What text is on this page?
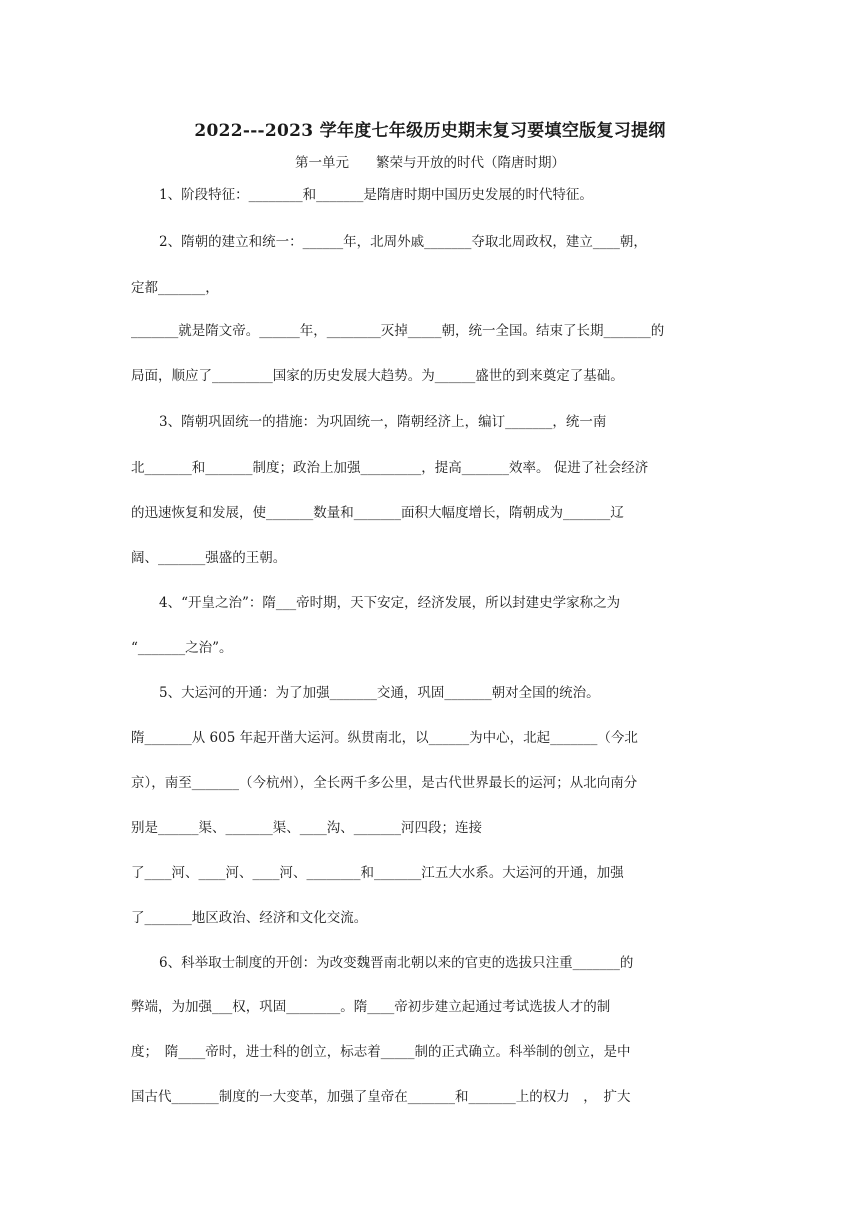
2022---2023 学年度七年级历史期末复习要填空版复习提纲
第一单元　　繁荣与开放的时代（隋唐时期）
1、阶段特征：________和_______是隋唐时期中国历史发展的时代特征。
2、隋朝的建立和统一：______年，北周外戚_______夺取北周政权，建立____朝，
定都_______，
_______就是隋文帝。______年，________灭掉_____朝，统一全国。结束了长期_______的
局面，顺应了_________国家的历史发展大趋势。为______盛世的到来奠定了基础。
3、隋朝巩固统一的措施：为巩固统一，隋朝经济上，编订_______，统一南
北_______和_______制度；政治上加强_________，提高_______效率。 促进了社会经济
的迅速恢复和发展，使_______数量和_______面积大幅度增长，隋朝成为_______辽
阔、_______强盛的王朝。
4、“开皇之治”：隋___帝时期，天下安定，经济发展，所以封建史学家称之为
“_______之治”。
5、大运河的开通：为了加强_______交通，巩固_______朝对全国的统治。
隋_______从 605 年起开凿大运河。纵贯南北，以______为中心，北起_______（今北
京），南至_______（今杭州），全长两千多公里，是古代世界最长的运河；从北向南分
别是______渠、_______渠、____沟、_______河四段；连接
了____河、____河、____河、________和_______江五大水系。大运河的开通，加强
了_______地区政治、经济和文化交流。
6、科举取士制度的开创：为改变魏晋南北朝以来的官吏的选拔只注重_______的
弊端，为加强___权，巩固________。隋____帝初步建立起通过考试选拔人才的制
度；　隋____帝时，进士科的创立，标志着_____制的正式确立。科举制的创立，是中
国古代_______制度的一大变革，加强了皇帝在_______和_______上的权力　，　扩大
